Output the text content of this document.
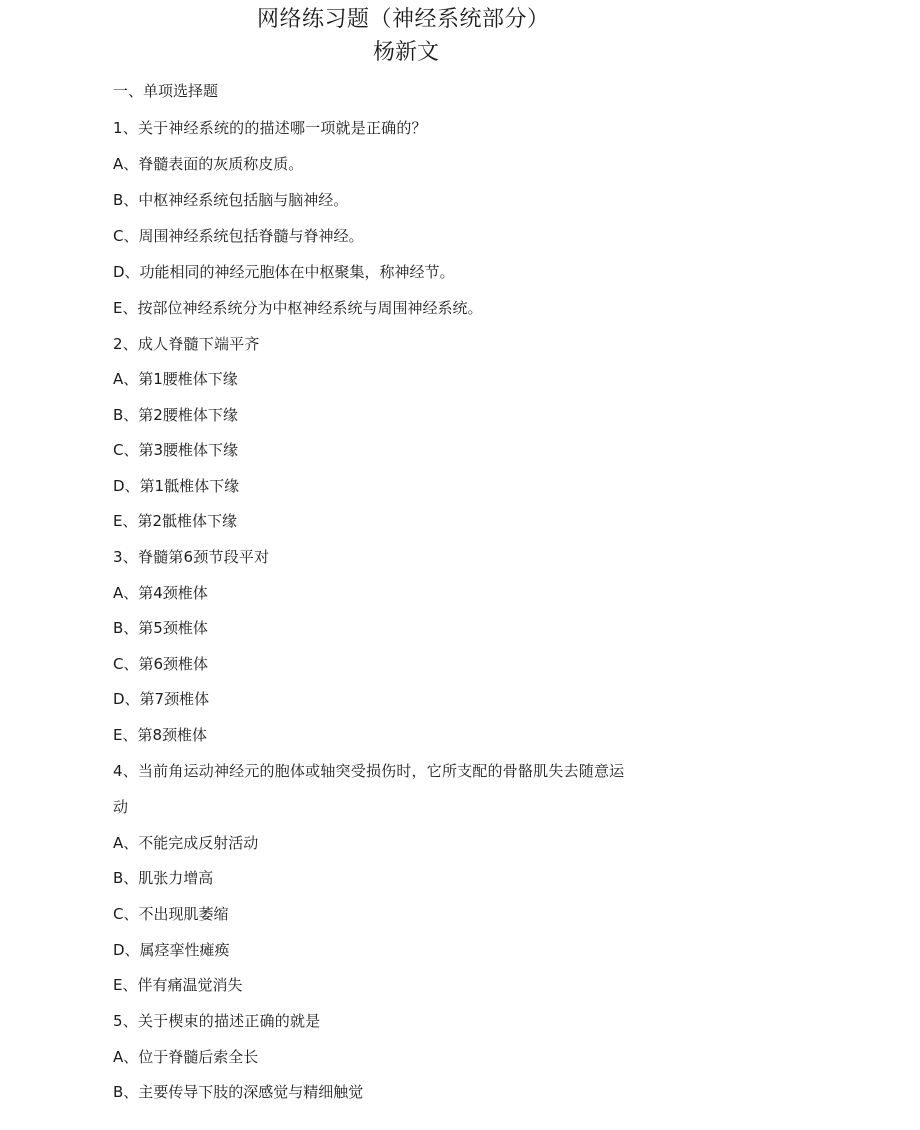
网络练习题（神经系统部分）
杨新文
一、单项选择题
1、关于神经系统的的描述哪一项就是正确的？
A、脊髓表面的灰质称皮质。
B、中枢神经系统包括脑与脑神经。
C、周围神经系统包括脊髓与脊神经。
D、功能相同的神经元胞体在中枢聚集，称神经节。
E、按部位神经系统分为中枢神经系统与周围神经系统。
2、成人脊髓下端平齐
A、第1腰椎体下缘
B、第2腰椎体下缘
C、第3腰椎体下缘
D、第1骶椎体下缘
E、第2骶椎体下缘
3、脊髓第6颈节段平对
A、第4颈椎体
B、第5颈椎体
C、第6颈椎体
D、第7颈椎体
E、第8颈椎体
4、当前角运动神经元的胞体或轴突受损伤时，它所支配的骨骼肌失去随意运
动
A、不能完成反射活动
B、肌张力增高
C、不出现肌萎缩
D、属痉挛性瘫痪
E、伴有痛温觉消失
5、关于楔束的描述正确的就是
A、位于脊髓后索全长
B、主要传导下肢的深感觉与精细触觉
